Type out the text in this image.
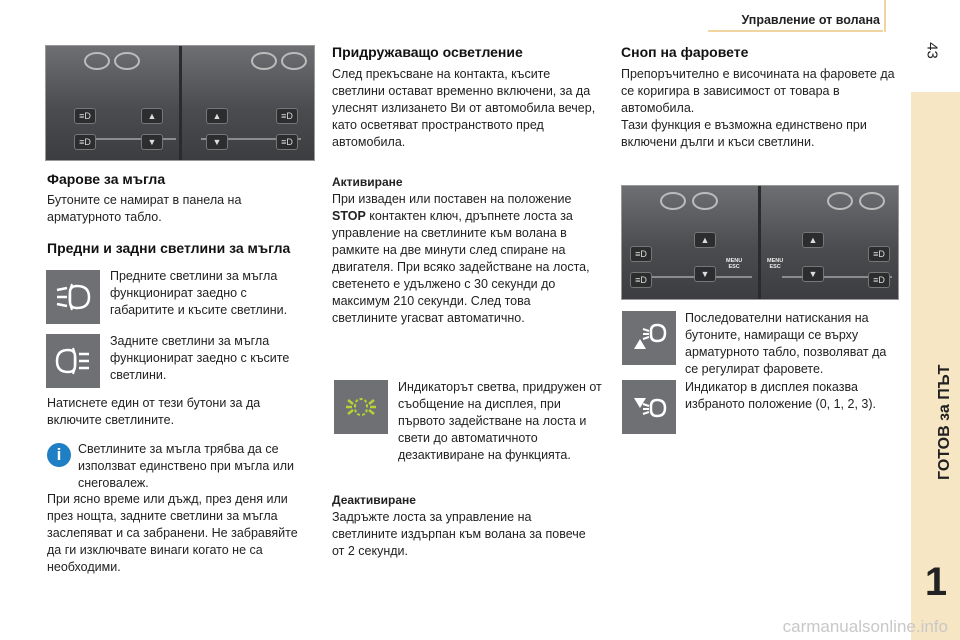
Управление от волана
43
ГОТОВ за ПЪТ
1
≡D
≡D
▲
▼
▲
▼
≡D
≡D
Фарове за мъгла
Бутоните се намират в панела на арматурното табло.
Предни и задни светлини за мъгла
Предните светлини за мъгла функционират заедно с габаритите и късите светлини.
Задните светлини за мъгла функционират заедно с късите светлини.
Натиснете един от тези бутони за да включите светлините.
i	Светлините за мъгла трябва да се използват единствено при мъгла или снеговалеж.
При ясно време или дъжд, през деня или през нощта, задните светлини за мъгла заслепяват и са забранени. Не забравяйте да ги изключвате винаги когато не са необходими.
Придружаващо осветление
След прекъсване на контакта, късите светлини остават временно включени, за да улеснят излизането Ви от автомобила вечер, като осветяват пространството пред автомобила.
Активиране
При изваден или поставен на положение STOP контактен ключ, дръпнете лоста за управление на светлините към волана в рамките на две минути след спиране на двигателя. При всяко задействане на лоста, светенето е удължено с 30 секунди до максимум 210 секунди. След това светлините угасват автоматично.
Индикаторът светва, придружен от съобщение на дисплея, при първото задействане на лоста и свети до автоматичното дезактивиране на функцията.
Деактивиране
Задръжте лоста за управление на светлините издърпан към волана за повече от 2 секунди.
Сноп на фаровете
Препоръчително е височината на фаровете да се коригира в зависимост от товара в автомобила.
Тази функция е възможна единствено при включени дълги и къси светлини.
≡D
≡D
▲
▼
MENU
ESC
MENU
ESC
▲
▼
≡D
≡D
Последователни натискания на бутоните, намиращи се върху арматурното табло, позволяват да се регулират фаровете.
Индикатор в дисплея показва избраното положение (0, 1, 2, 3).
carmanualsonline.info
